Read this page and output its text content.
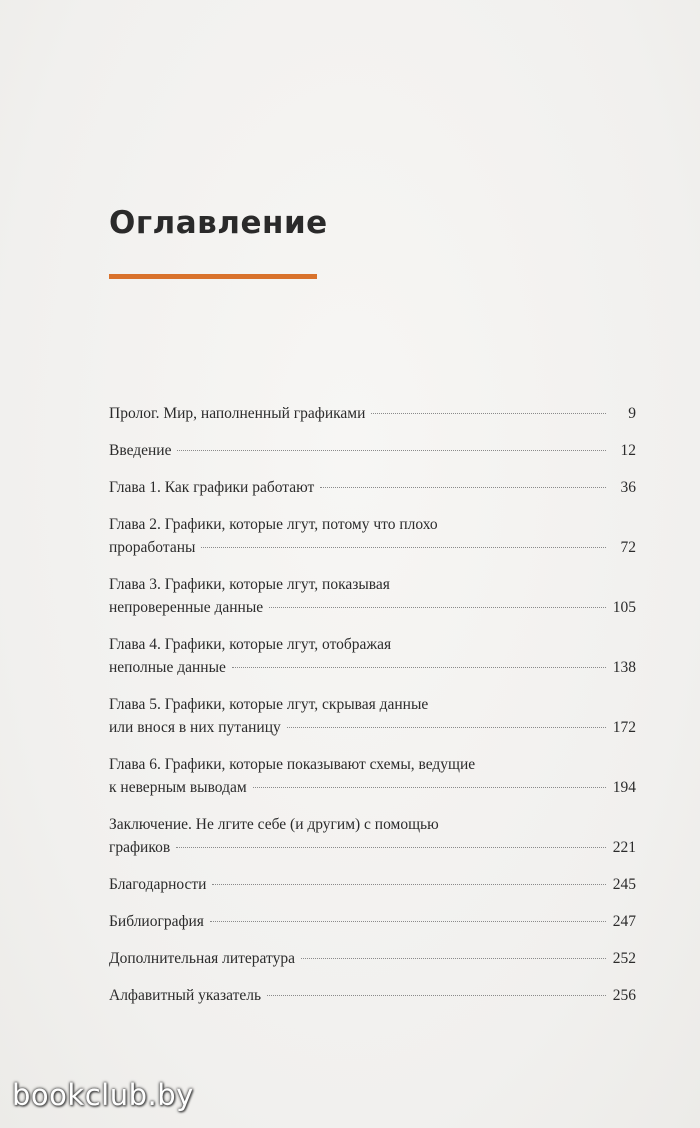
Оглавление
Пролог. Мир, наполненный графиками	9
Введение	12
Глава 1. Как графики работают	36
Глава 2. Графики, которые лгут, потому что плохо
проработаны	72
Глава 3. Графики, которые лгут, показывая
непроверенные данные	105
Глава 4. Графики, которые лгут, отображая
неполные данные	138
Глава 5. Графики, которые лгут, скрывая данные
или внося в них путаницу	172
Глава 6. Графики, которые показывают схемы, ведущие
к неверным выводам	194
Заключение. Не лгите себе (и другим) с помощью
графиков	221
Благодарности	245
Библиография	247
Дополнительная литература	252
Алфавитный указатель	256
bookclub.by
